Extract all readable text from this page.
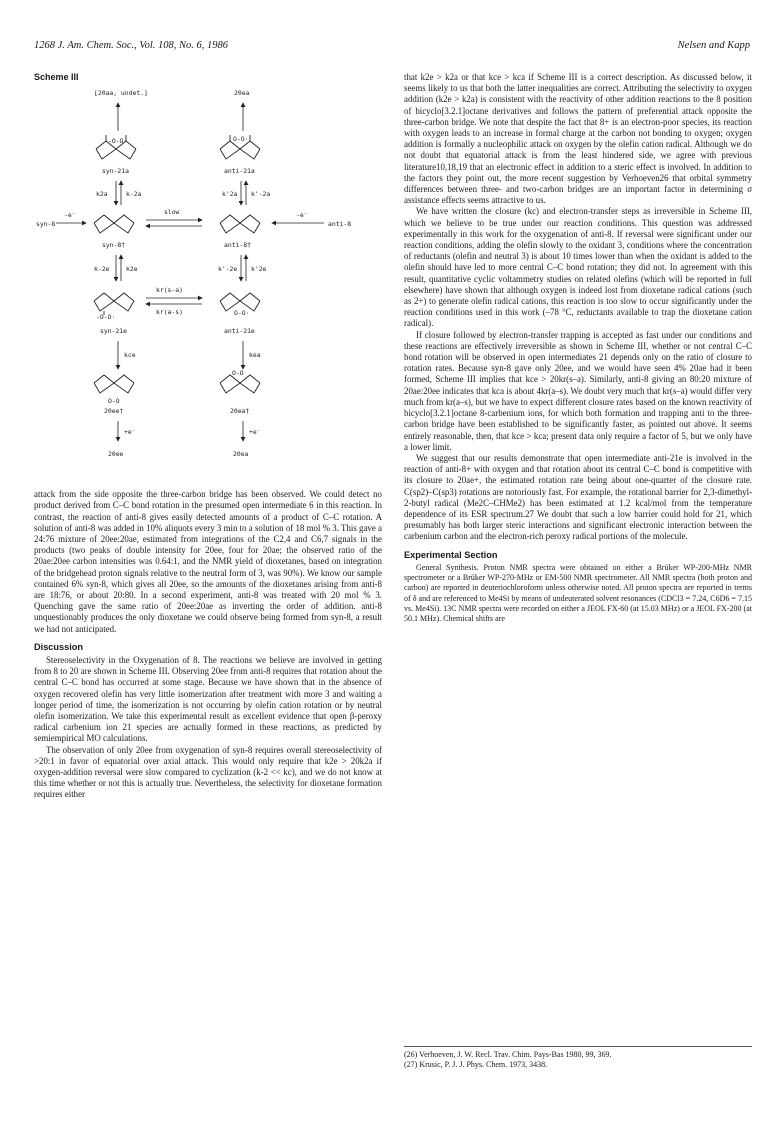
1268 J. Am. Chem. Soc., Vol. 108, No. 6, 1986	Nelsen and Kapp
Scheme III
[20aa, undet.]	20ea
-O-O·
syn-21a
O-O·
anti-21a
k2a	k-2a	k'2a k'-2a
syn-8
-e⁻
syn-8†
slow
anti-8†
-e⁻
anti-8
k-2e	k2e	k'-2e k'2e
-O-O·
syn-21e
kr(s-a)
kr(a-s)	O-O·
anti-21e
kce	kea
O-O
20ee†
O-O
20ea†
+e⁻	+e⁻
20ee	20ea

attack from the side opposite the three-carbon bridge has been observed. We could detect no product derived from C–C bond rotation in the presumed open intermediate 6 in this reaction. In contrast, the reaction of anti-8 gives easily detected amounts of a product of C–C rotation. A solution of anti-8 was added in 10% aliquots every 3 min to a solution of 18 mol % 3. This gave a 24:76 mixture of 20ee:20ae, estimated from integrations of the C2,4 and C6,7 signals in the products (two peaks of double intensity for 20ee, four for 20ae; the observed ratio of the 20ae:20ee carbon intensities was 0.64:1, and the NMR yield of dioxetanes, based on integration of the bridgehead proton signals relative to the neutral form of 3, was 90%). We know our sample contained 6% syn-8, which gives all 20ee, so the amounts of the dioxetanes arising from anti-8 are 18:76, or about 20:80. In a second experiment, anti-8 was treated with 20 mol % 3. Quenching gave the same ratio of 20ee:20ae as inverting the order of addition. anti-8 unquestionably produces the only dioxetane we could observe being formed from syn-8, a result we had not anticipated.

Discussion

Stereoselectivity in the Oxygenation of 8. The reactions we believe are involved in getting from 8 to 20 are shown in Scheme III. Observing 20ee from anti-8 requires that rotation about the central C–C bond has occurred at some stage. Because we have shown that in the absence of oxygen recovered olefin has very little isomerization after treatment with more 3 and waiting a longer period of time, the isomerization is not occurring by olefin cation rotation or by neutral olefin isomerization. We take this experimental result as excellent evidence that open β-peroxy radical carbenium ion 21 species are actually formed in these reactions, as predicted by semiempirical MO calculations.

The observation of only 20ee from oxygenation of syn-8 requires overall stereoselectivity of >20:1 in favor of equatorial over axial attack. This would only require that k2e > 20k2a if oxygen-addition reversal were slow compared to cyclization (k-2 << kc), and we do not know at this time whether or not this is actually true. Nevertheless, the selectivity for dioxetane formation requires either

that k2e > k2a or that kce > kca if Scheme III is a correct description. As discussed below, it seems likely to us that both the latter inequalities are correct. Attributing the selectivity to oxygen addition (k2e > k2a) is consistent with the reactivity of other addition reactions to the 8 position of bicyclo[3.2.1]octane derivatives and follows the pattern of preferential attack opposite the three-carbon bridge. We note that despite the fact that 8+ is an electron-poor species, its reaction with oxygen leads to an increase in formal charge at the carbon not bonding to oxygen; oxygen addition is formally a nucleophilic attack on oxygen by the olefin cation radical. Although we do not doubt that equatorial attack is from the least hindered side, we agree with previous literature10,18,19 that an electronic effect in addition to a steric effect is involved. In addition to the factors they point out, the more recent suggestion by Verhoeven26 that orbital symmetry differences between three- and two-carbon bridges are an important factor in determining σ assistance effects seems attractive to us.

We have written the closure (kc) and electron-transfer steps as irreversible in Scheme III, which we believe to be true under our reaction conditions. This question was addressed experimentally in this work for the oxygenation of anti-8. If reversal were significant under our reaction conditions, adding the olefin slowly to the oxidant 3, conditions where the concentration of reductants (olefin and neutral 3) is about 10 times lower than when the oxidant is added to the olefin should have led to more central C–C bond rotation; they did not. In agreement with this result, quantitative cyclic voltammetry studies on related olefins (which will be reported in full elsewhere) have shown that although oxygen is indeed lost from dioxetane radical cations (such as 2+) to generate olefin radical cations, this reaction is too slow to occur significantly under the reaction conditions used in this work (–78 °C, reductants available to trap the dioxetane cation radical).

If closure followed by electron-transfer trapping is accepted as fast under our conditions and these reactions are effectively irreversible as shown in Scheme III, whether or not central C–C bond rotation will be observed in open intermediates 21 depends only on the ratio of closure to rotation rates. Because syn-8 gave only 20ee, and we would have seen 4% 20ae had it been formed, Scheme III implies that kce > 20kr(s–a). Similarly, anti-8 giving an 80:20 mixture of 20ae:20ee indicates that kca is about 4kr(a–s). We doubt very much that kr(s–a) would differ very much from kr(a–s), but we have to expect different closure rates based on the known reactivity of bicyclo[3.2.1]octane 8-carbenium ions, for which both formation and trapping anti to the three-carbon bridge have been established to be significantly faster, as pointed out above. It seems entirely reasonable, then, that kce > kca; present data only require a factor of 5, but we only have a lower limit.

We suggest that our results demonstrate that open intermediate anti-21e is involved in the reaction of anti-8+ with oxygen and that rotation about its central C–C bond is competitive with its closure to 20ae+, the estimated rotation rate being about one-quarter of the closure rate. C(sp2)–C(sp3) rotations are notoriously fast. For example, the rotational barrier for 2,3-dimethyl-2-butyl radical (Me2C–CHMe2) has been estimated at 1.2 kcal/mol from the temperature dependence of its ESR spectrum.27 We doubt that such a low barrier could hold for 21, which presumably has both larger steric interactions and significant electronic interaction between the carbenium carbon and the electron-rich peroxy radical portions of the molecule.

Experimental Section

General Synthesis. Proton NMR spectra were obtained on either a Brüker WP-200-MHz NMR spectrometer or a Brüker WP-270-MHz or EM-500 NMR spectrometer. All NMR spectra (both proton and carbon) are reported in deuteriochloroform unless otherwise noted. All proton spectra are reported in terms of δ and are referenced to Me4Si by means of undeuterated solvent resonances (CDCl3 = 7.24, C6D6 = 7.15 vs. Me4Si). 13C NMR spectra were recorded on either a JEOL FX-60 (at 15.03 MHz) or a JEOL FX-200 (at 50.1 MHz). Chemical shifts are

(26) Verhoeven, J. W. Recl. Trav. Chim. Pays-Bas 1980, 99, 369.
(27) Krusic, P. J. J. Phys. Chem. 1973, 3438.
